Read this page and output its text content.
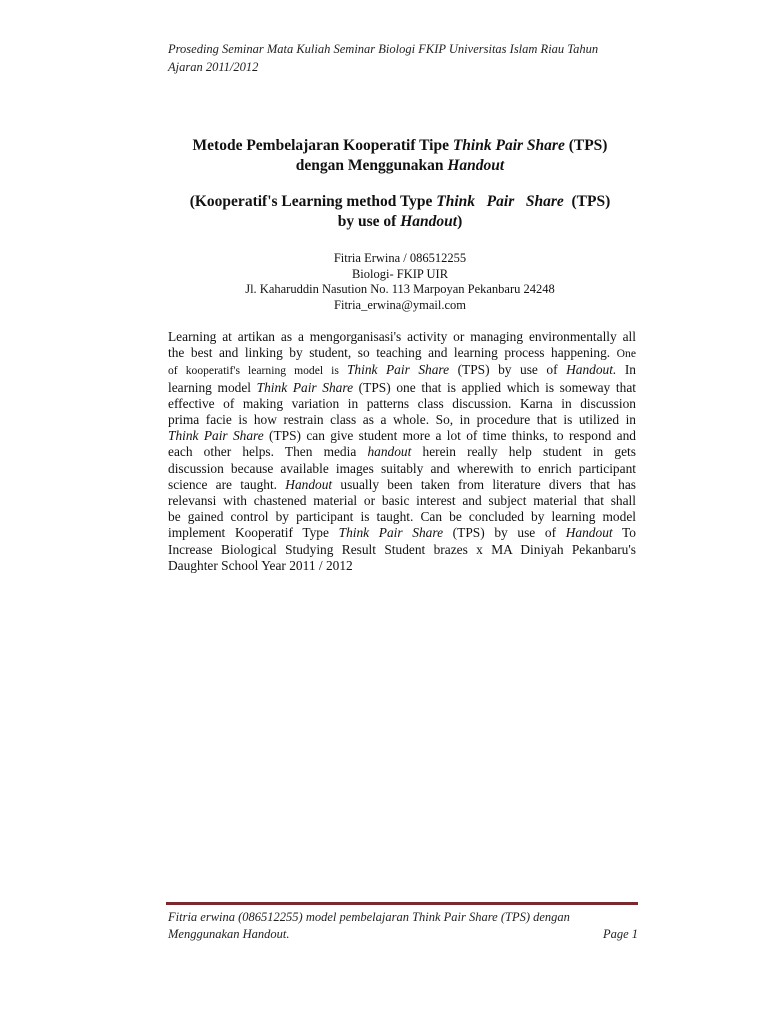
Proseding Seminar Mata Kuliah Seminar Biologi FKIP Universitas Islam Riau Tahun
Ajaran 2011/2012
Metode Pembelajaran Kooperatif Tipe Think Pair Share (TPS)
dengan Menggunakan Handout
(Kooperatif's Learning method Type Think   Pair   Share  (TPS)
by use of Handout)
Fitria Erwina / 086512255
Biologi- FKIP UIR
Jl. Kaharuddin Nasution No. 113 Marpoyan Pekanbaru 24248
Fitria_erwina@ymail.com
Learning at artikan as a mengorganisasi's activity or managing environmentally all
the best and linking by student, so teaching and learning process happening. One
of kooperatif's learning model is Think Pair Share (TPS) by use of Handout. In
learning model Think Pair Share (TPS) one that is applied which is someway that
effective of making variation in patterns class discussion. Karna in discussion
prima facie is how restrain class as a whole. So, in procedure that is utilized in
Think Pair Share (TPS) can give student more a lot of time thinks, to respond and
each other helps. Then media handout herein really help student in gets
discussion because available images suitably and wherewith to enrich participant
science are taught. Handout usually been taken from literature divers that has
relevansi with chastened material or basic interest and subject material that shall
be gained control by participant is taught. Can be concluded by learning model
implement Kooperatif Type Think Pair Share (TPS) by use of Handout To
Increase Biological Studying Result Student brazes x MA Diniyah Pekanbaru's
Daughter School Year 2011 / 2012
Fitria erwina (086512255) model pembelajaran Think Pair Share (TPS) dengan
Menggunakan Handout.	Page 1
